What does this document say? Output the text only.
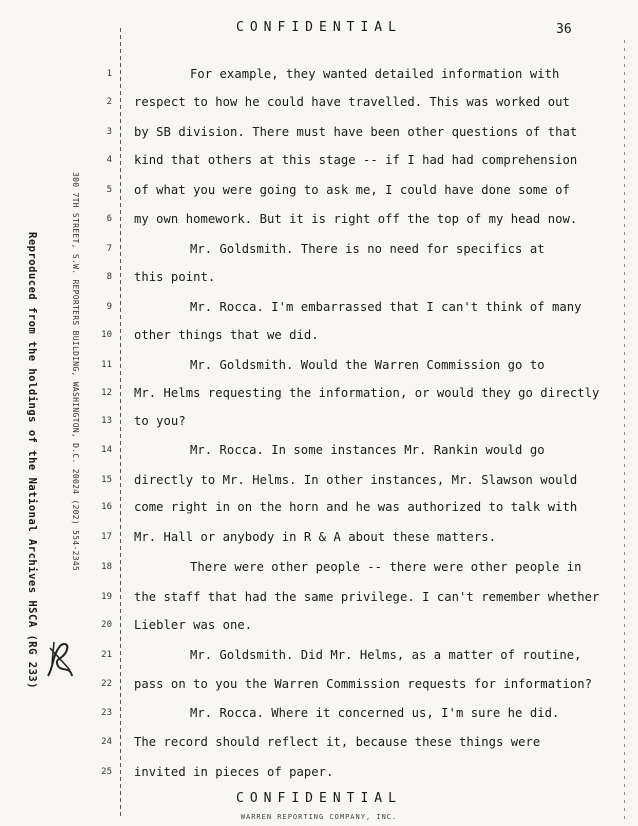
CONFIDENTIAL	36
Reproduced from the holdings of the National Archives HSCA (RG 233)	300 7TH STREET, S.W. REPORTERS BUILDING, WASHINGTON, D.C. 20024 (202) 554-2345
1	For example, they wanted detailed information with
2 respect to how he could have travelled. This was worked out
3 by SB division. There must have been other questions of that
4 kind that others at this stage -- if I had had comprehension
5 of what you were going to ask me, I could have done some of
6 my own homework. But it is right off the top of my head now.
7	Mr. Goldsmith. There is no need for specifics at
8 this point.
9	Mr. Rocca. I'm embarrassed that I can't think of many
10 other things that we did.
11	Mr. Goldsmith. Would the Warren Commission go to
12 Mr. Helms requesting the information, or would they go directly
13 to you?
14	Mr. Rocca. In some instances Mr. Rankin would go
15 directly to Mr. Helms. In other instances, Mr. Slawson would
16 come right in on the horn and he was authorized to talk with
17 Mr. Hall or anybody in R & A about these matters.
18	There were other people -- there were other people in
19 the staff that had the same privilege. I can't remember whether
20 Liebler was one.
21	Mr. Goldsmith. Did Mr. Helms, as a matter of routine,
22 pass on to you the Warren Commission requests for information?
23	Mr. Rocca. Where it concerned us, I'm sure he did.
24 The record should reflect it, because these things were
25 invited in pieces of paper.
CONFIDENTIAL
WARREN REPORTING COMPANY, INC.
